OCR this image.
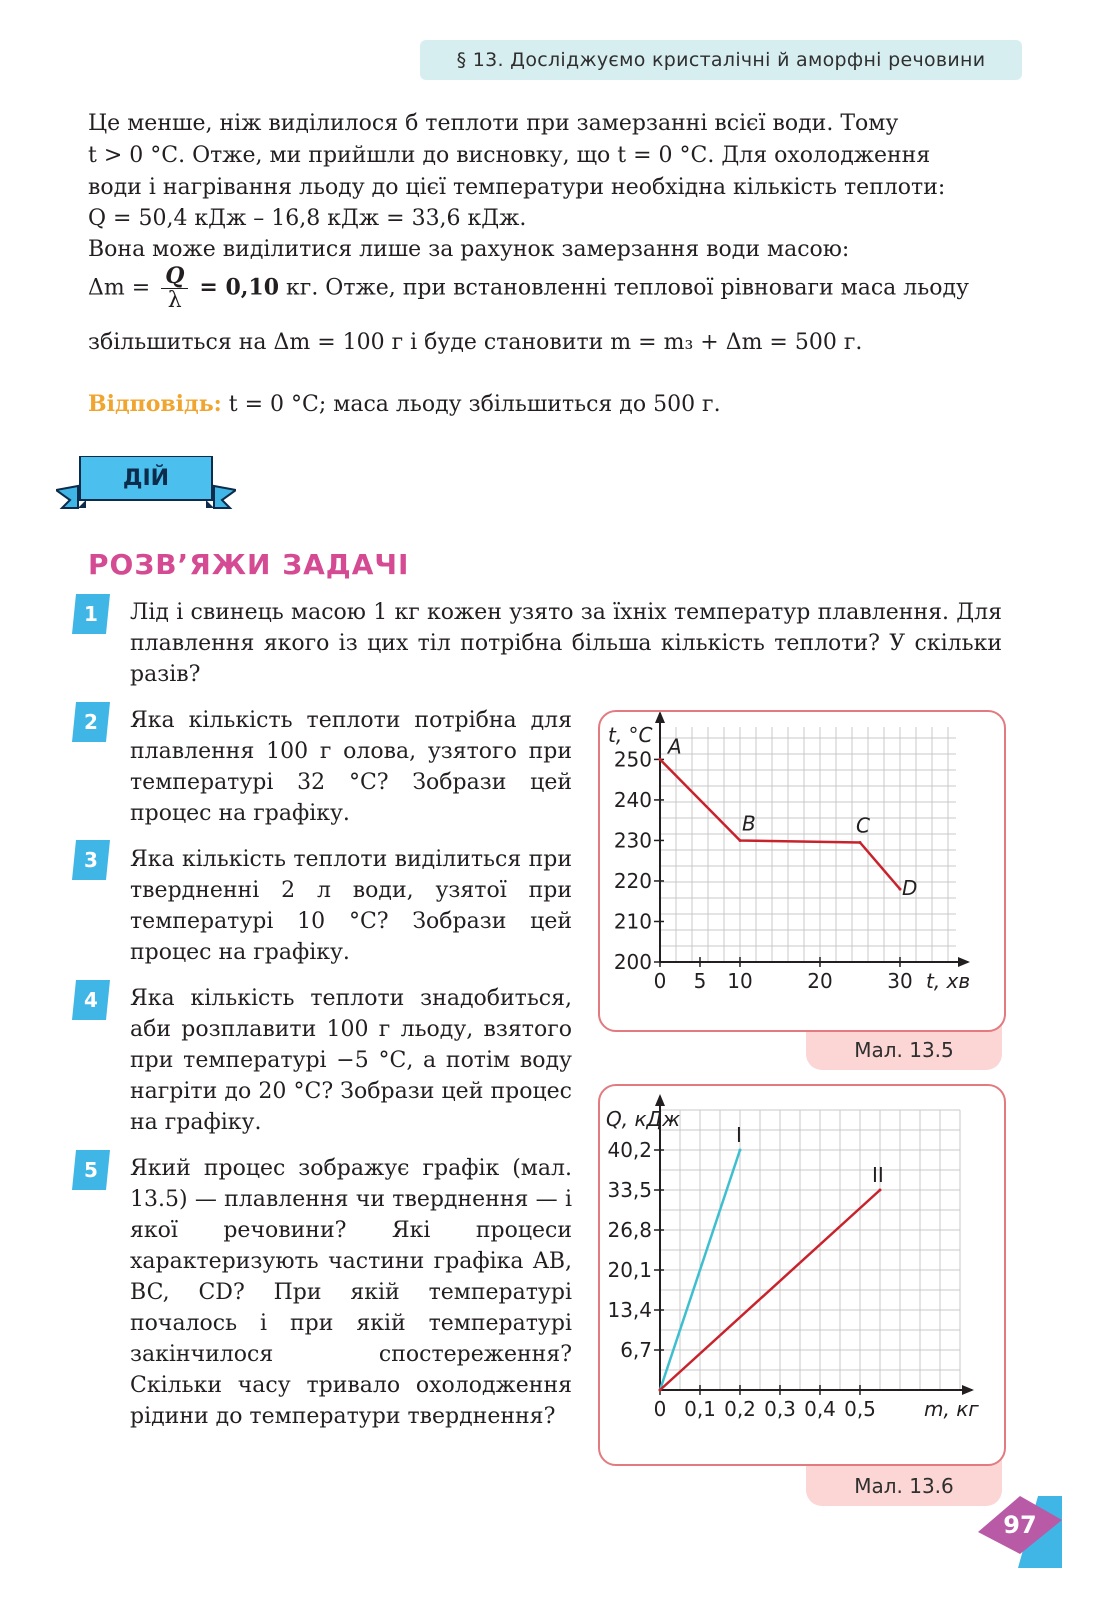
§ 13. Досліджуємо кристалічні й аморфні речовини
Це менше, ніж виділилося б теплоти при замерзанні всієї води. Тому
t > 0 °С. Отже, ми прийшли до висновку, що t = 0 °С. Для охолодження
води і нагрівання льоду до цієї температури необхідна кількість теплоти:
Q = 50,4 кДж – 16,8 кДж = 33,6 кДж.
Вона може виділитися лише за рахунок замерзання води масою:
$\Delta m = \frac{Q}{\lambda} = 0,10$ кг. Отже, при встановленні теплової рівноваги маса льоду
збільшиться на Δm = 100 г і буде становити m = m₃ + Δm = 500 г.
Відповідь: t = 0 °С; маса льоду збільшиться до 500 г.
ДІЙ
РОЗВ’ЯЖИ ЗАДАЧІ
1
2
3
4
5
Лід і свинець масою 1 кг кожен узято за їхніх температур плавлення. Для плавлення якого із цих тіл потрібна більша кількість теплоти? У скільки разів?
Яка кількість теплоти потрібна для плавлення 100 г олова, узятого при температурі 32 °С? Зобрази цей процес на графіку.
Яка кількість теплоти виділиться при твердненні 2 л води, узятої при температурі 10 °С? Зобрази цей процес на графіку.
Яка кількість теплоти знадобиться, аби розплавити 100 г льоду, взятого при температурі −5 °С, а потім воду нагріти до 20 °С? Зобрази цей процес на графіку.
Який процес зображує графік (мал. 13.5) — плавлення чи тверднення — і якої речовини? Які процеси характеризують частини графіка AB, BC, CD? При якій температурі почалось і при якій температурі закінчилося спостереження? Скільки часу тривало охолодження рідини до температури тверднення?
Мал. 13.5
0 5 10	20	30
200
210
220
230
240
250
t, °С
t, хв
A
B	C
D
Мал. 13.6
0 0,1 0,2 0,3 0,4 0,5
6,7
13,4
20,1
26,8
33,5
40,2
Q, кДж
m, кг
I
II
97
